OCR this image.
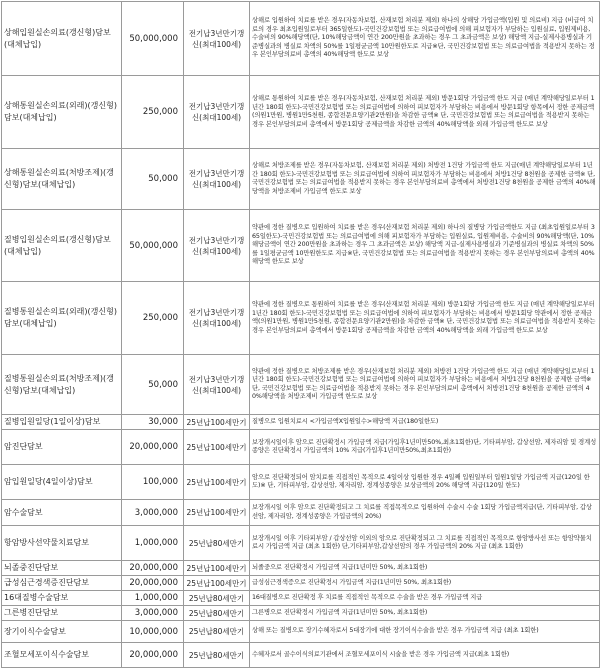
상해입원실손의료(갱신형)담보(대체납입)	50,000,000	전기납3년만기갱신(최대100세)	상해로 입원하여 치료를 받은 경우(자동차보험, 산재보험 처리분 제외) 하나의 상해당 가입금액(입원 및 의료비) 지급 (비급여 치료의 경우 최초입원일로부터 365일한도)-국민건강보험법 또는 의료급여법에 의해 피보험자가 부담하는 입원실료, 입원제비용, 수술비의 90%해당액(단, 10%해당금액이 연간 200만원을 초과하는 경우 그 초과금액은 보상) 해당액 지급-실제사용병실과 기준병실과의 병실료 차액의 50%를 1일평균금액 10만원한도로 지급※단, 국민건강보험법 또는 의료급여법을 적용받지 못하는 경우 본인부담의료비 총액의 40%해당액 한도로 보상
상해통원실손의료(외래)(갱신형)담보(대체납입)	250,000	전기납3년만기갱신(최대100세)	상해로 통원하여 치료를 받은 경우(자동차보험, 산재보험 처리분 제외) 방문1회당 가입금액 한도 지급 (매년 계약해당일로부터 1년간 180회 한도)-국민건강보험법 또는 의료급여법에 의하여 피보험자가 부담하는 비용에서 방문1회당 항목에서 정한 공제금액(의원1만원, 병원1만5천원, 종합전문요양기관2만원)을 차감한 금액※ 단, 국민건강보험법 또는 의료급여법을 적용받지 못하는 경우 본인부담의료비 총액에서 방문1회당 공제금액을 차감한 금액의 40%해당액을 외래 가입금액 한도로 보상
상해통원실손의료(처방조제)(갱신형)담보(대체납입)	50,000	전기납3년만기갱신(최대100세)	상해로 처방조제를 받은 경우(자동차보험, 산재보험 처리분 제외) 처방전 1건당 가입금액 한도 지급(매년 계약해당일로부터 1년간 180회 한도)-국민건강보험법 또는 의료급여법에 의하여 피보험자가 부담하는 비용에서 처방1건당 8천원을 공제한 금액※ 단, 국민건강보험법 또는 의료급여법을 적용받지 못하는 경우 본인부담의료비 총액에서 처방전1건당 8천원을 공제한 금액의 40%해당액을 처방조제비 가입금액 한도로 보상
질병입원실손의료(갱신형)담보(대체납입)	50,000,000	전기납3년만기갱신(최대100세)	약관에 정한 질병으로 입원하여 치료를 받은 경우(산재보험 처리분 제외) 하나의 질병당 가입금액한도 지급 (최초입원일로부터 365일한도)-국민건강보험법 또는 의료급여법에 의해 피보험자가 부담하는 입원실료, 입원제비용, 수술비의 90%해당액(단, 10%해당금액이 연간 200만원을 초과하는 경우 그 초과금액은 보상) 해당액 지급-실제사용병실과 기준병실과의 병실료 차액의 50%를 1일평균금액 10만원한도로 지급※단, 국민건강보험법 또는 의료급여법을 적용받지 못하는 경우 본인부담의료비 총액의 40%해당액 한도로 보상
질병통원실손의료(외래)(갱신형)담보(대체납입)	250,000	전기납3년만기갱신(최대100세)	약관에 정한 질병으로 통원하여 치료를 받은 경우(산재보험 처리분 제외) 방문1회당 가입금액 한도 지급 (매년 계약해당일로부터 1년간 180회 한도)-국민건강보험법 또는 의료급여법에 의하여 피보험자가 부담하는 비용에서 방문1회당 약관에서 정한 공제금액(의원1만원, 병원1만5천원, 종합전문요양기관2만원)을 차감한 금액※ 단, 국민건강보험법 또는 의료급여법을 적용받지 못하는 경우 본인부담의료비 총액에서 방문1회당 공제금액을 차감한 금액의 40%해당액을 외래 가입금액 한도로 보상
질병통원실손의료(처방조제)(갱신형)담보(대체납입)	50,000	전기납3년만기갱신(최대100세)	약관에 정한 질병으로 처방조제를 받은 경우(산재보험 처리분 제외) 처방전 1건당 가입금액 한도 지급 (매년 계약해당일로부터 1년간 180회 한도)-국민건강보험법 또는 의료급여법에 의하여 피보험자가 부담하는 비용에서 처방1건당 8천원을 공제한 금액※ 단, 국민건강보험법 또는 의료급여법을 적용받지 못하는 경우 본인부담의료비 총액에서 처방전1건당 8천원을 공제한 금액의 40%해당액을 처방조제비 가입금액 한도로 보상
질병입원일당(1일이상)담보	30,000	25년납100세만기	질병으로 입원치료시 <가입금액X입원일수>해당액 지급(180일한도)
암진단담보	20,000,000	25년납100세만기	보장개시일이후 암으로 진단확정시 가입금액 지급(가입후1년미만50%,최초1회한)단, 기타피부암, 갑상선암, 제자리암 및 경계성종양은 진단확정시 가입금액의 10% 지급(가입후1년미만50%,최초1회한)
암입원일당(4일이상)담보	100,000	25년납100세만기	암으로 진단확정되어 암치료를 직접적인 목적으로 4일이상 입원한 경우 4일째 입원일부터 입원1일당 가입금액 지급(120일 한도)※ 단, 기타피부암, 갑상선암, 제자리암, 경계성종양은 보상금액의 20% 해당액 지급(120일 한도)
암수술담보	3,000,000	25년납100세만기	보장개시일 이후 암으로 진단확정되고 그 치료를 직접목적으로 입원하여 수술시 수술 1회당 가입금액지급(단, 기타피부암, 갑상선암, 제자리암, 경계성종양은 가입금액의 20%)
항암방사선약물치료담보	1,000,000	25년납80세만기	보장개시일 이후 기타피부암 / 갑상선암 이외의 암으로 진단확정되고 그 치료를 직접적인 목적으로 항암방사선 또는 항암약물치료시 가입금액 지급 (최초 1회한) 단,기타피부암,갑상선암의 경우 가입금액의 20% 지급 (최초 1회한)
뇌졸중진단담보	20,000,000	25년납100세만기	뇌졸중으로 진단확정시 가입금액 지급(1년미만 50%, 최초1회한)
급성심근경색증진단담보	20,000,000	25년납100세만기	급성심근경색증으로 진단확정시 가입금액 지급(1년미만 50%, 최초1회한)
16대질병수술담보	1,000,000	25년납80세만기	16대질병으로 진단확정 후 치료를 직접적인 목적으로 수술을 받은 경우 가입금액 지급
그른병진단담보	3,000,000	25년납80세만기	그른병으로 진단확정시 가입금액 지급(1년미만 50%, 최초1회한)
장기이식수술담보	10,000,000	25년납80세만기	상해 또는 질병으로 장기수혜자로서 5대장기에 대한 장기이식수술을 받은 경우 가입금액 지급 (최초 1회한)
조혈모세포이식수술담보	20,000,000	25년납80세만기	수혜자로서 골수이식의료기관에서 조혈모세포이식 시술을 받은 경우 가입금액 지급(최초 1회한)
